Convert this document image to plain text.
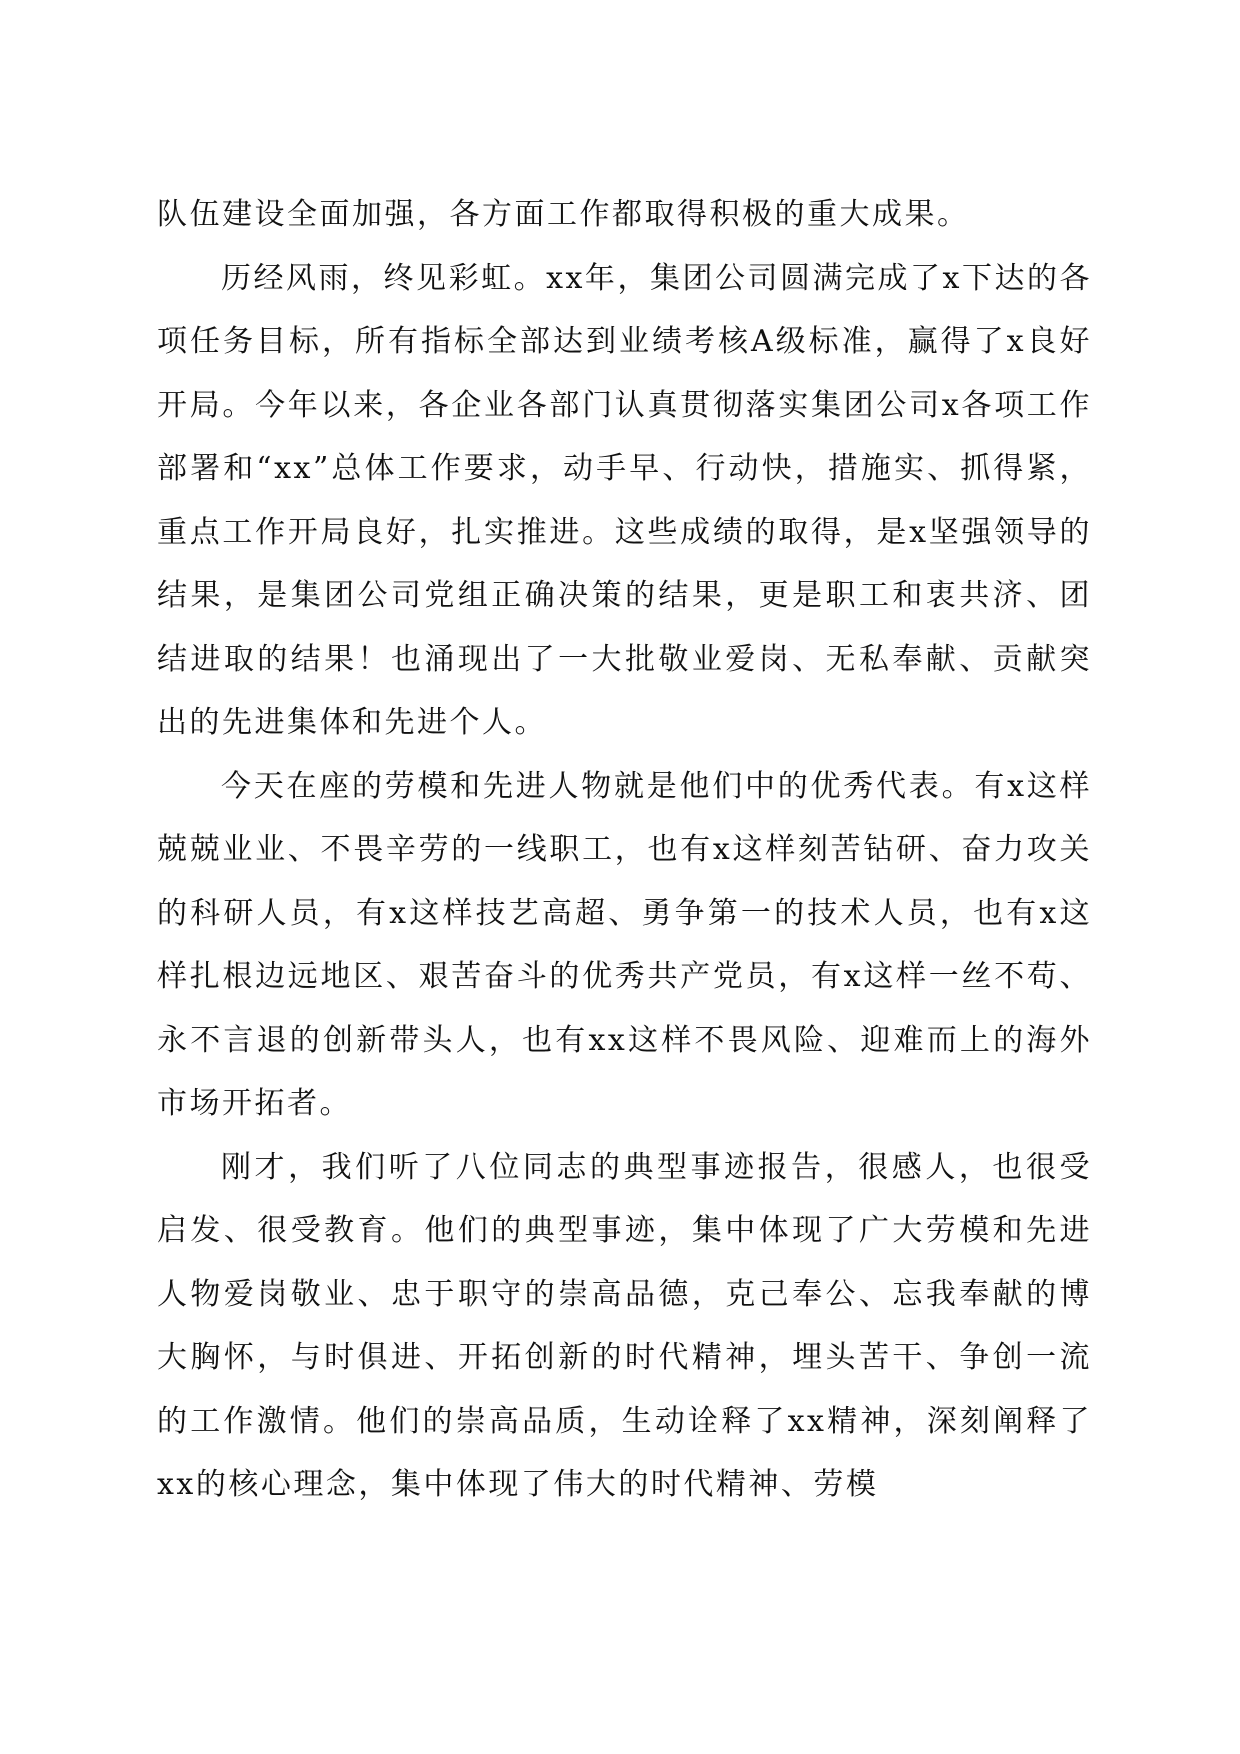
队伍建设全面加强，各方面工作都取得积极的重大成果。

历经风雨，终见彩虹。xx年，集团公司圆满完成了x下达的各项任务目标，所有指标全部达到业绩考核A级标准，赢得了x良好开局。今年以来，各企业各部门认真贯彻落实集团公司x各项工作部署和“xx”总体工作要求，动手早、行动快，措施实、抓得紧，重点工作开局良好，扎实推进。这些成绩的取得，是x坚强领导的结果，是集团公司党组正确决策的结果，更是职工和衷共济、团结进取的结果！也涌现出了一大批敬业爱岗、无私奉献、贡献突出的先进集体和先进个人。

今天在座的劳模和先进人物就是他们中的优秀代表。有x这样兢兢业业、不畏辛劳的一线职工，也有x这样刻苦钻研、奋力攻关的科研人员，有x这样技艺高超、勇争第一的技术人员，也有x这样扎根边远地区、艰苦奋斗的优秀共产党员，有x这样一丝不苟、永不言退的创新带头人，也有xx这样不畏风险、迎难而上的海外市场开拓者。

刚才，我们听了八位同志的典型事迹报告，很感人，也很受启发、很受教育。他们的典型事迹，集中体现了广大劳模和先进人物爱岗敬业、忠于职守的崇高品德，克己奉公、忘我奉献的博大胸怀，与时俱进、开拓创新的时代精神，埋头苦干、争创一流的工作激情。他们的崇高品质，生动诠释了xx精神，深刻阐释了xx的核心理念，集中体现了伟大的时代精神、劳模
